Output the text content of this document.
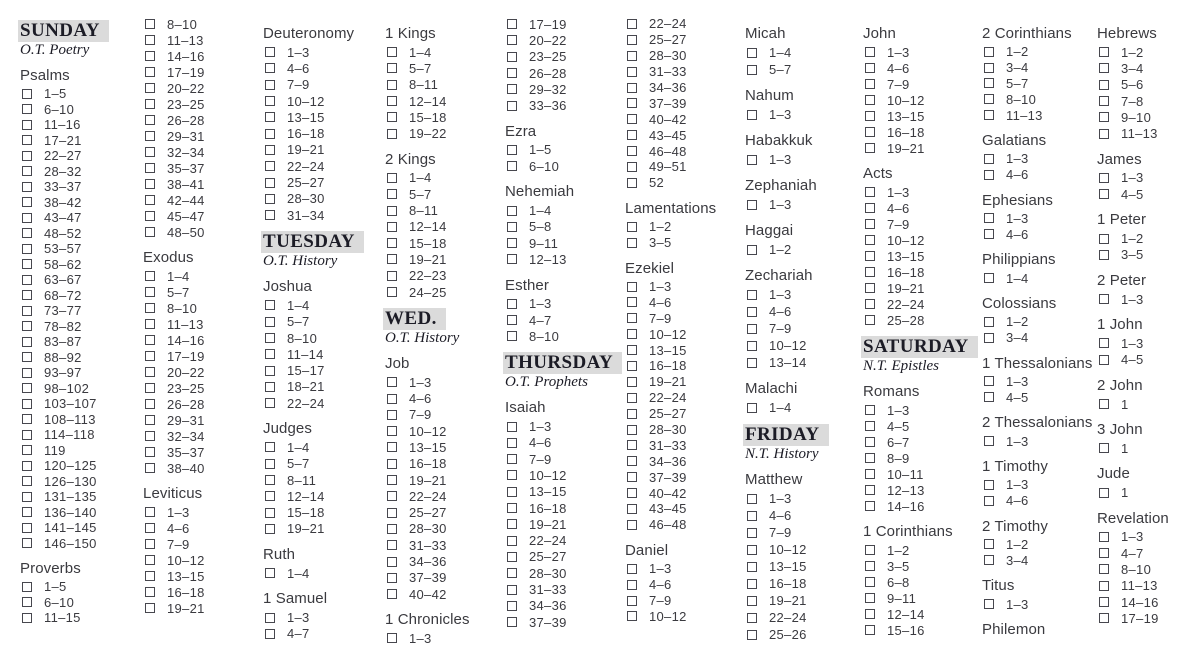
SUNDAY
O.T. Poetry
Psalms
1–5
6–10
11–16
17–21
22–27
28–32
33–37
38–42
43–47
48–52
53–57
58–62
63–67
68–72
73–77
78–82
83–87
88–92
93–97
98–102
103–107
108–113
114–118
119
120–125
126–130
131–135
136–140
141–145
146–150
Proverbs
1–5
6–10
11–15
8–10
11–13
14–16
17–19
20–22
23–25
26–28
29–31
32–34
35–37
38–41
42–44
45–47
48–50
Exodus
1–4
5–7
8–10
11–13
14–16
17–19
20–22
23–25
26–28
29–31
32–34
35–37
38–40
Leviticus
1–3
4–6
7–9
10–12
13–15
16–18
19–21
Deuteronomy
1–3
4–6
7–9
10–12
13–15
16–18
19–21
22–24
25–27
28–30
31–34
TUESDAY
O.T. History
Joshua
1–4
5–7
8–10
11–14
15–17
18–21
22–24
Judges
1–4
5–7
8–11
12–14
15–18
19–21
Ruth
1–4
1 Samuel
1–3
4–7
1 Kings
1–4
5–7
8–11
12–14
15–18
19–22
2 Kings
1–4
5–7
8–11
12–14
15–18
19–21
22–23
24–25
WED.
O.T. History
Job
1–3
4–6
7–9
10–12
13–15
16–18
19–21
22–24
25–27
28–30
31–33
34–36
37–39
40–42
1 Chronicles
1–3
17–19
20–22
23–25
26–28
29–32
33–36
Ezra
1–5
6–10
Nehemiah
1–4
5–8
9–11
12–13
Esther
1–3
4–7
8–10
THURSDAY
O.T. Prophets
Isaiah
1–3
4–6
7–9
10–12
13–15
16–18
19–21
22–24
25–27
28–30
31–33
34–36
37–39
22–24
25–27
28–30
31–33
34–36
37–39
40–42
43–45
46–48
49–51
52
Lamentations
1–2
3–5
Ezekiel
1–3
4–6
7–9
10–12
13–15
16–18
19–21
22–24
25–27
28–30
31–33
34–36
37–39
40–42
43–45
46–48
Daniel
1–3
4–6
7–9
10–12
Micah
1–4
5–7
Nahum
1–3
Habakkuk
1–3
Zephaniah
1–3
Haggai
1–2
Zechariah
1–3
4–6
7–9
10–12
13–14
Malachi
1–4
FRIDAY
N.T. History
Matthew
1–3
4–6
7–9
10–12
13–15
16–18
19–21
22–24
25–26
John
1–3
4–6
7–9
10–12
13–15
16–18
19–21
Acts
1–3
4–6
7–9
10–12
13–15
16–18
19–21
22–24
25–28
SATURDAY
N.T. Epistles
Romans
1–3
4–5
6–7
8–9
10–11
12–13
14–16
1 Corinthians
1–2
3–5
6–8
9–11
12–14
15–16
2 Corinthians
1–2
3–4
5–7
8–10
11–13
Galatians
1–3
4–6
Ephesians
1–3
4–6
Philippians
1–4
Colossians
1–2
3–4
1 Thessalonians
1–3
4–5
2 Thessalonians
1–3
1 Timothy
1–3
4–6
2 Timothy
1–2
3–4
Titus
1–3
Philemon
Hebrews
1–2
3–4
5–6
7–8
9–10
11–13
James
1–3
4–5
1 Peter
1–2
3–5
2 Peter
1–3
1 John
1–3
4–5
2 John
1
3 John
1
Jude
1
Revelation
1–3
4–7
8–10
11–13
14–16
17–19
